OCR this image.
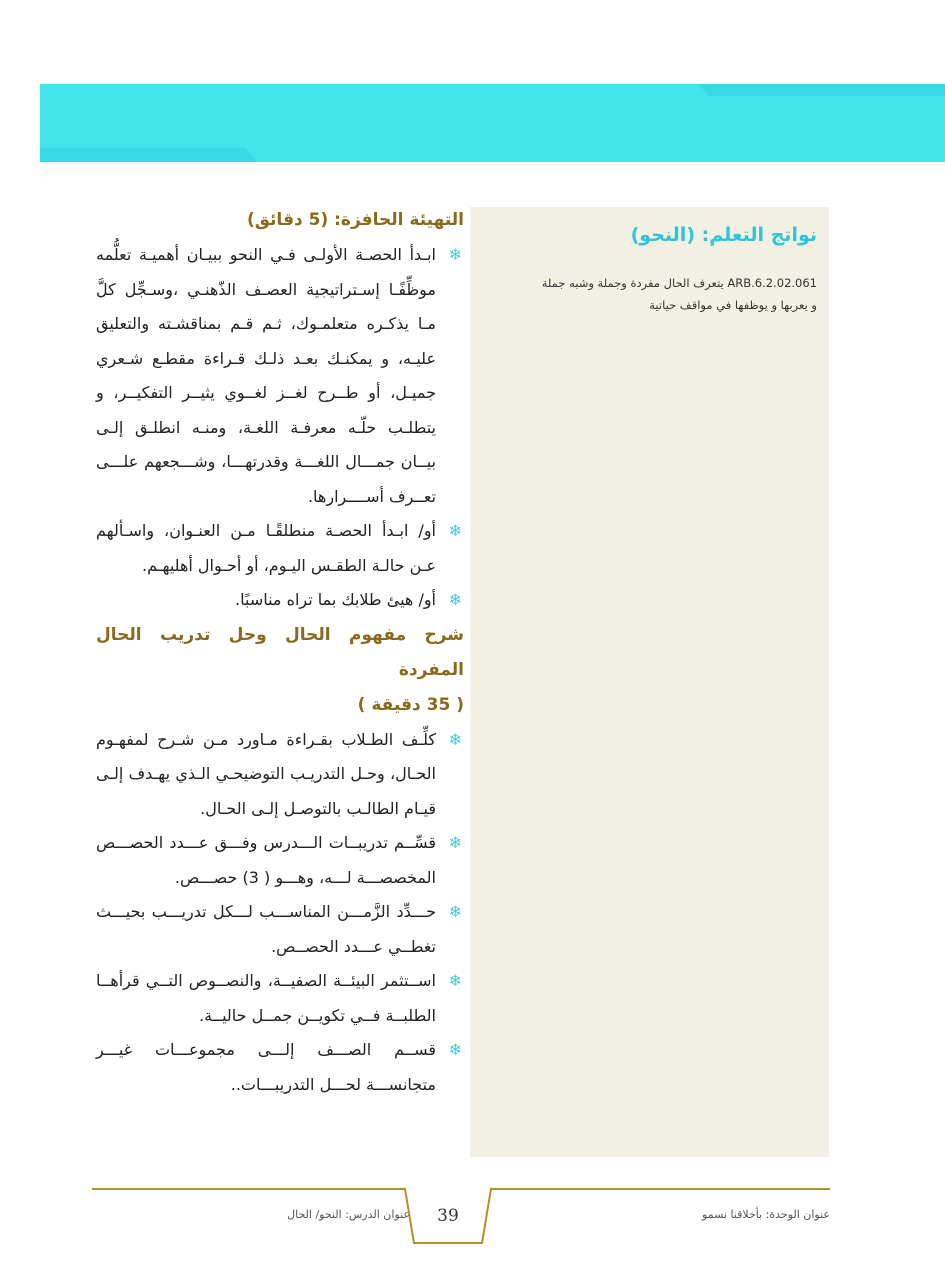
نواتج التعلم: (النحو)
ARB.6.2.02.061 يتعرف الحال مفردة وجملة وشبه جملة
و يعربها و يوظفها في مواقف حياتية
التهيئة الحافزة: (5 دقائق)
❄
ابـدأ الحصـة الأولـى فـي النحو ببيـان أهميـة تعلُّمه موظِّفًـا إسـتراتيجية العصـف الذّهنـي ،وسـجِّل كلَّ مـا يذكـره متعلمـوك، ثـم قـم بمناقشـته والتعليق عليـه، و يمكنـك بعـد ذلـك قـراءة مقطـع شـعري جميـل، أو طــرح لغــز لغــوي يثيــر التفكيــر، و يتطلـب حلّـه معرفـة اللغـة، ومنـه انطلـق إلـى بيــان جمـــال اللغـــة وقدرتهـــا، وشـــجعهم علـــى تعــرف أســــرارها.
❄
أو/ ابـدأ الحصـة منطلقًـا مـن العنـوان، واسـألهم عـن حالـة الطقـس اليـوم، أو أحـوال أهليهـم.
❄
أو/ هيئ طلابك بما تراه مناسبًا.
شرح مفهوم الحال وحل تدريب الحال المفردة
( 35 دقيقة )
❄
كلِّـف الطـلاب بقـراءة مـاورد مـن شـرح لمفهـوم الحـال، وحـل التدريـب التوضيحـي الـذي يهـدف إلـى قيـام الطالـب بالتوصـل إلـى الحـال.
❄
قسِّــم تدريبــات الـــدرس وفـــق عـــدد الحصـــص المخصصـــة لـــه، وهـــو ( 3) حصـــص.
❄
حـــدِّد الزَّمـــن المناســـب لـــكل تدريـــب بحيـــث تغطــي عـــدد الحصــص.
❄
اســتثمر البيئــة الصفيــة، والنصــوص التــي قرأهــا الطلبــة فــي تكويــن جمــل حاليــة.
❄
قســم الصـــف إلـــى مجموعـــات غيـــر متجانســـة لحـــل التدريبـــات..
عنوان الوحدة: بأخلاقنا نسمو
39
عنوان الدرس: النحو/ الحال
